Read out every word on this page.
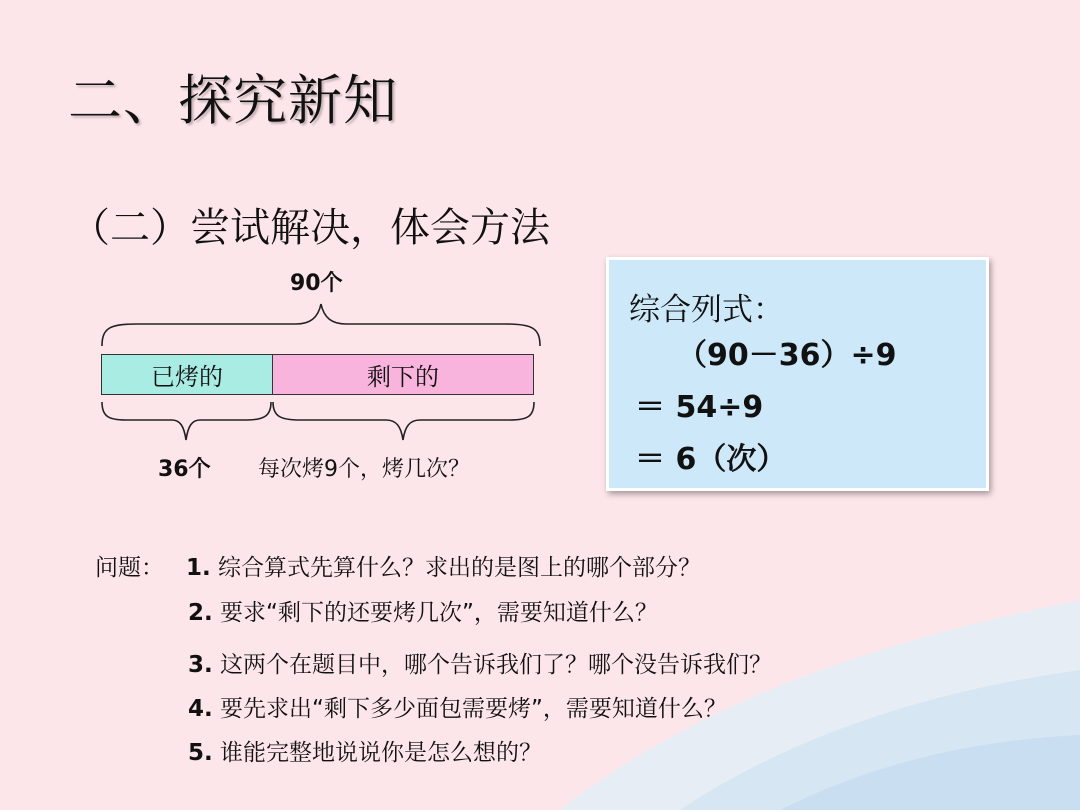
二、探究新知
（二）尝试解决，体会方法
90个
已烤的	剩下的
36个 每次烤9个，烤几次？
综合列式：
（90－36）÷9
＝ 54÷9
＝ 6（次）
问题： 1. 综合算式先算什么？求出的是图上的哪个部分？
2. 要求“剩下的还要烤几次”，需要知道什么？
3. 这两个在题目中，哪个告诉我们了？哪个没告诉我们？
4. 要先求出“剩下多少面包需要烤”，需要知道什么？
5. 谁能完整地说说你是怎么想的？
